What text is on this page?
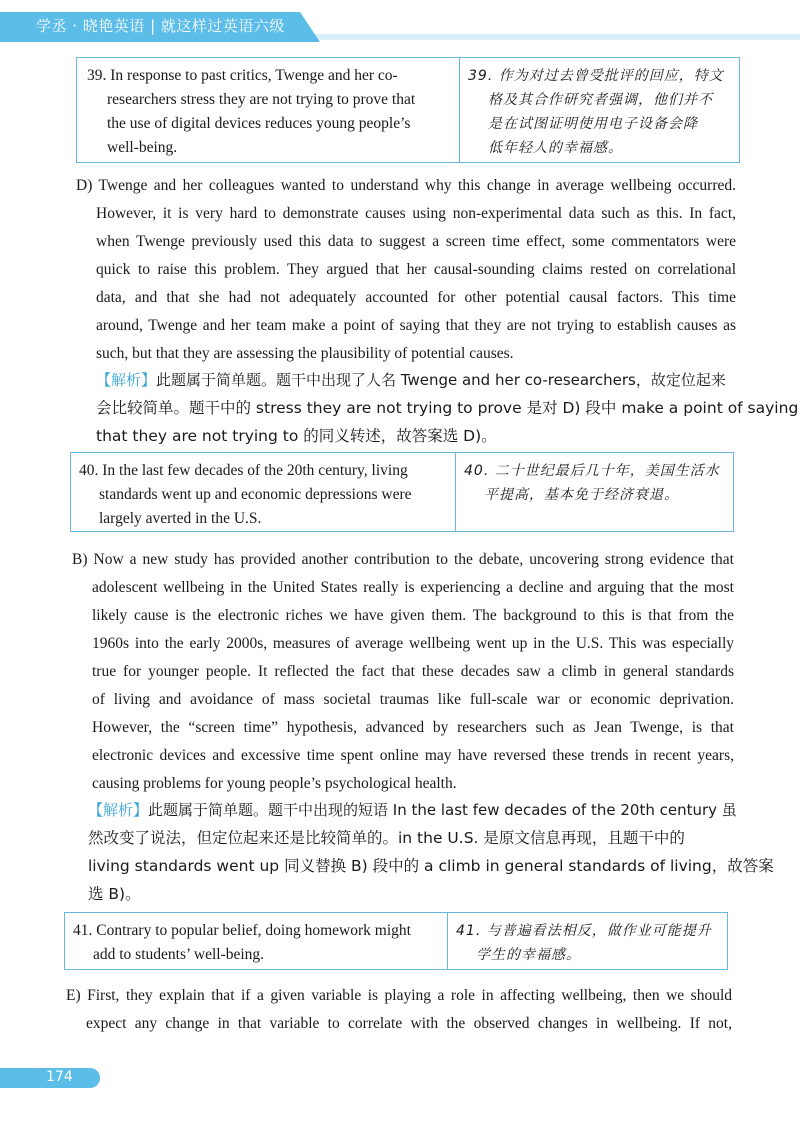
学丞 · 晓艳英语 | 就这样过英语六级
39. In response to past critics, Twenge and her co-
researchers stress they are not trying to prove that
the use of digital devices reduces young people’s
well-being.
39. 作为对过去曾受批评的回应，特文
格及其合作研究者强调，他们并不
是在试图证明使用电子设备会降
低年轻人的幸福感。
D) Twenge and her colleagues wanted to understand why this change in average wellbeing occurred.
However, it is very hard to demonstrate causes using non-experimental data such as this. In fact,
when Twenge previously used this data to suggest a screen time effect, some commentators were
quick to raise this problem. They argued that her causal-sounding claims rested on correlational
data, and that she had not adequately accounted for other potential causal factors. This time
around, Twenge and her team make a point of saying that they are not trying to establish causes as
such, but that they are assessing the plausibility of potential causes.
【解析】此题属于简单题。题干中出现了人名 Twenge and her co-researchers，故定位起来
会比较简单。题干中的 stress they are not trying to prove 是对 D) 段中 make a point of saying
that they are not trying to 的同义转述，故答案选 D)。
40. In the last few decades of the 20th century, living
standards went up and economic depressions were
largely averted in the U.S.
40. 二十世纪最后几十年，美国生活水
平提高，基本免于经济衰退。
B) Now a new study has provided another contribution to the debate, uncovering strong evidence that
adolescent wellbeing in the United States really is experiencing a decline and arguing that the most
likely cause is the electronic riches we have given them. The background to this is that from the
1960s into the early 2000s, measures of average wellbeing went up in the U.S. This was especially
true for younger people. It reflected the fact that these decades saw a climb in general standards
of living and avoidance of mass societal traumas like full-scale war or economic deprivation.
However, the “screen time” hypothesis, advanced by researchers such as Jean Twenge, is that
electronic devices and excessive time spent online may have reversed these trends in recent years,
causing problems for young people’s psychological health.
【解析】此题属于简单题。题干中出现的短语 In the last few decades of the 20th century 虽
然改变了说法，但定位起来还是比较简单的。in the U.S. 是原文信息再现，且题干中的
living standards went up 同义替换 B) 段中的 a climb in general standards of living，故答案
选 B)。
41. Contrary to popular belief, doing homework might
add to students’ well-being.
41. 与普遍看法相反，做作业可能提升
学生的幸福感。
E) First, they explain that if a given variable is playing a role in affecting wellbeing, then we should
expect any change in that variable to correlate with the observed changes in wellbeing. If not,
174
